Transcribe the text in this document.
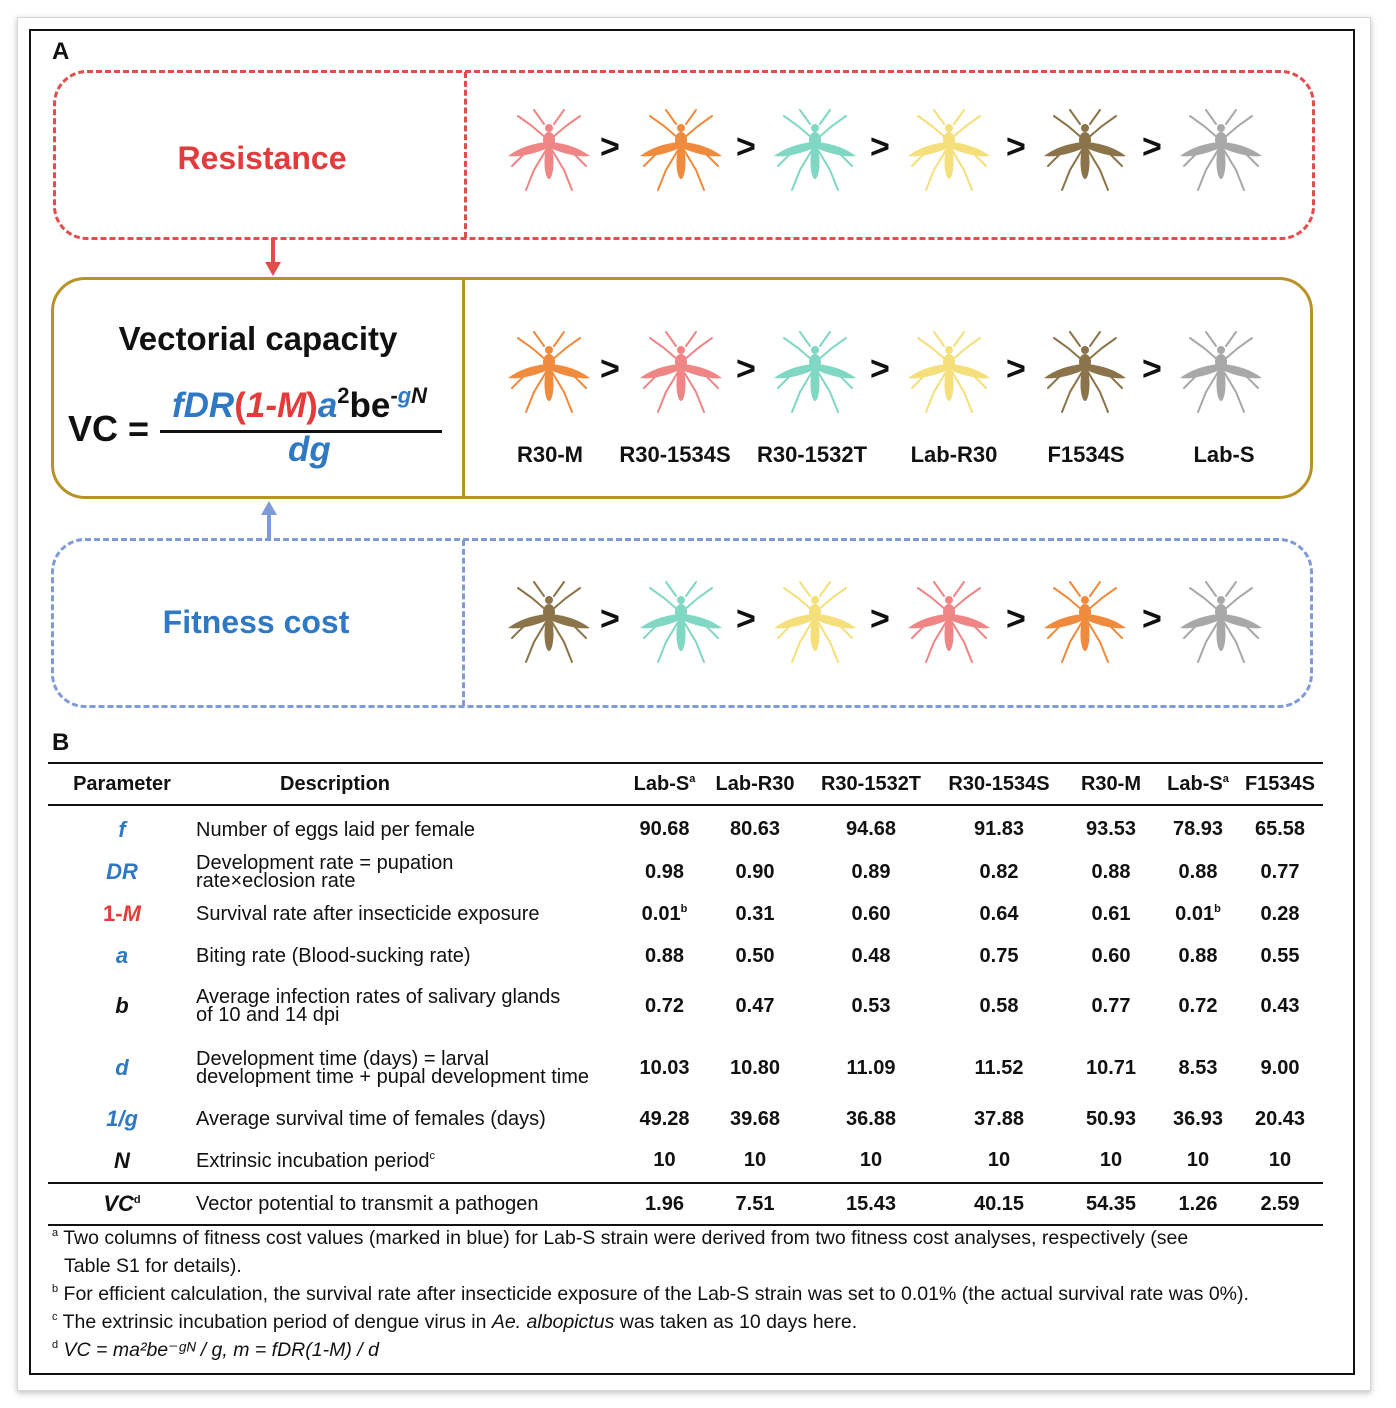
A
Resistance
Vectorial capacity
VC =
$fDR(1-M)a^2be^{-gN}$
dg
Fitness cost
>	>	>	>	>
>	>	>	>	>
>	>	>	>	>
R30-M	R30-1534S	R30-1532T	Lab-R30	F1534S	Lab-S
B
Parameter	Description	Lab-$S^a$	Lab-R30	R30-1532T	R30-1534S	R30-M	Lab-$S^a$	F1534S
f	Number of eggs laid per female	90.68	80.63	94.68	91.83	93.53	78.93	65.58
DR	Development rate = pupation
rate×eclosion rate	0.98	0.90	0.89	0.82	0.88	0.88	0.77
1-M	Survival rate after insecticide exposure	0.01$^b$	0.31	0.60	0.64	0.61	0.01$^b$	0.28
a	Biting rate (Blood-sucking rate)	0.88	0.50	0.48	0.75	0.60	0.88	0.55
b	Average infection rates of salivary glands
of 10 and 14 dpi	0.72	0.47	0.53	0.58	0.77	0.72	0.43
d	Development time (days) = larval
development time + pupal development time	10.03	10.80	11.09	11.52	10.71	8.53	9.00
1/g	Average survival time of females (days)	49.28	39.68	36.88	37.88	50.93	36.93	20.43
N	Extrinsic incubation period$^c$	10	10	10	10	10	10	10
$VC^d$	Vector potential to transmit a pathogen	1.96	7.51	15.43	40.15	54.35	1.26	2.59
$^a$ Two columns of fitness cost values (marked in blue) for Lab-S strain were derived from two fitness cost analyses, respectively (see
Table S1 for details).
$^b$ For efficient calculation, the survival rate after insecticide exposure of the Lab-S strain was set to 0.01% (the actual survival rate was 0%).
$^c$ The extrinsic incubation period of dengue virus in Ae. albopictus was taken as 10 days here.
$^d$ VC = ma²be⁻ᵍᴺ / g, m = fDR(1-M) / d
